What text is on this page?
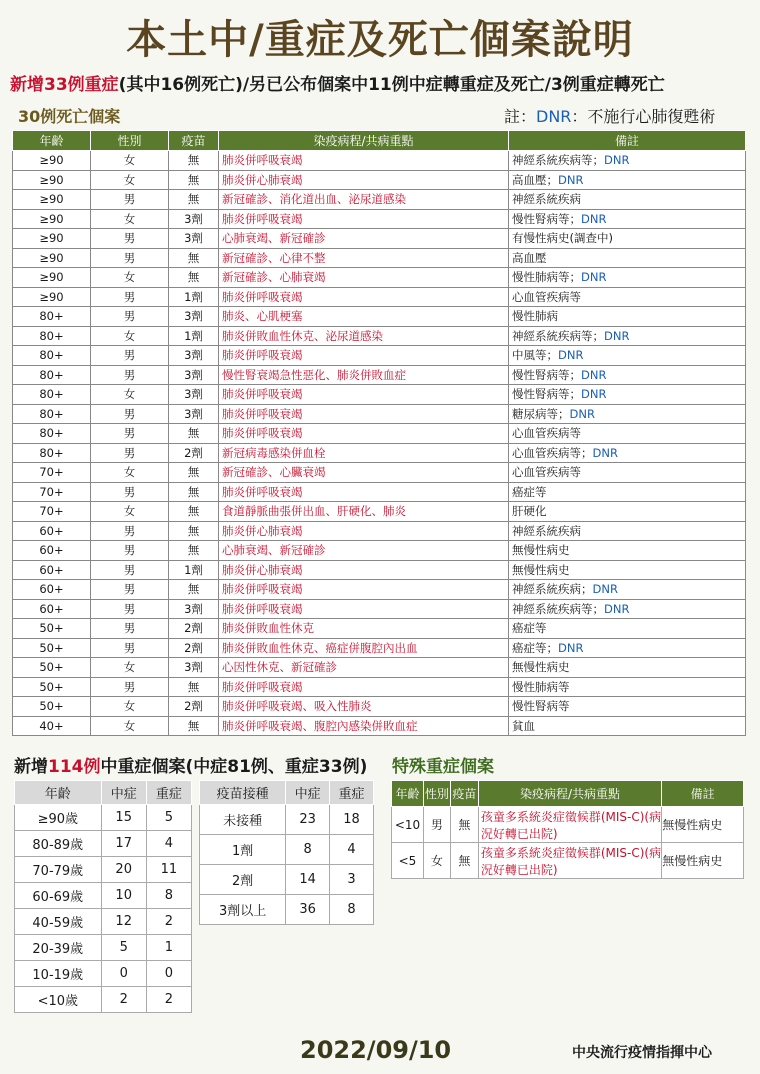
本土中/重症及死亡個案說明
新增33例重症(其中16例死亡)/另已公布個案中11例中症轉重症及死亡/3例重症轉死亡
30例死亡個案	註：DNR：不施行心肺復甦術
年齡	性別	疫苗	染疫病程/共病重點	備註
≥90	女	無	肺炎併呼吸衰竭	神經系統疾病等；DNR
≥90	女	無	肺炎併心肺衰竭	高血壓；DNR
≥90	男	無	新冠確診、消化道出血、泌尿道感染	神經系統疾病
≥90	女	3劑	肺炎併呼吸衰竭	慢性腎病等；DNR
≥90	男	3劑	心肺衰竭、新冠確診	有慢性病史(調查中)
≥90	男	無	新冠確診、心律不整	高血壓
≥90	女	無	新冠確診、心肺衰竭	慢性肺病等；DNR
≥90	男	1劑	肺炎併呼吸衰竭	心血管疾病等
80+	男	3劑	肺炎、心肌梗塞	慢性肺病
80+	女	1劑	肺炎併敗血性休克、泌尿道感染	神經系統疾病等；DNR
80+	男	3劑	肺炎併呼吸衰竭	中風等；DNR
80+	男	3劑	慢性腎衰竭急性惡化、肺炎併敗血症	慢性腎病等；DNR
80+	女	3劑	肺炎併呼吸衰竭	慢性腎病等；DNR
80+	男	3劑	肺炎併呼吸衰竭	糖尿病等；DNR
80+	男	無	肺炎併呼吸衰竭	心血管疾病等
80+	男	2劑	新冠病毒感染併血栓	心血管疾病等；DNR
70+	女	無	新冠確診、心臟衰竭	心血管疾病等
70+	男	無	肺炎併呼吸衰竭	癌症等
70+	女	無	食道靜脈曲張併出血、肝硬化、肺炎	肝硬化
60+	男	無	肺炎併心肺衰竭	神經系統疾病
60+	男	無	心肺衰竭、新冠確診	無慢性病史
60+	男	1劑	肺炎併心肺衰竭	無慢性病史
60+	男	無	肺炎併呼吸衰竭	神經系統疾病；DNR
60+	男	3劑	肺炎併呼吸衰竭	神經系統疾病等；DNR
50+	男	2劑	肺炎併敗血性休克	癌症等
50+	男	2劑	肺炎併敗血性休克、癌症併腹腔內出血	癌症等；DNR
50+	女	3劑	心因性休克、新冠確診	無慢性病史
50+	男	無	肺炎併呼吸衰竭	慢性肺病等
50+	女	2劑	肺炎併呼吸衰竭、吸入性肺炎	慢性腎病等
40+	女	無	肺炎併呼吸衰竭、腹腔內感染併敗血症	貧血
新增114例中重症個案(中症81例、重症33例) 特殊重症個案
年齡	中症	重症
≥90歲	15	5
80-89歲	17	4
70-79歲	20	11
60-69歲	10	8
40-59歲	12	2
20-39歲	5	1
10-19歲	0	0
<10歲	2	2
疫苗接種	中症	重症
未接種	23	18
1劑	8	4
2劑	14	3
3劑以上	36	8
年齡	性別	疫苗	染疫病程/共病重點	備註
<10	男	無	孩童多系統炎症徵候群(MIS-C)(病況好轉已出院)	無慢性病史
<5	女	無	孩童多系統炎症徵候群(MIS-C)(病況好轉已出院)	無慢性病史
2022/09/10	中央流行疫情指揮中心
